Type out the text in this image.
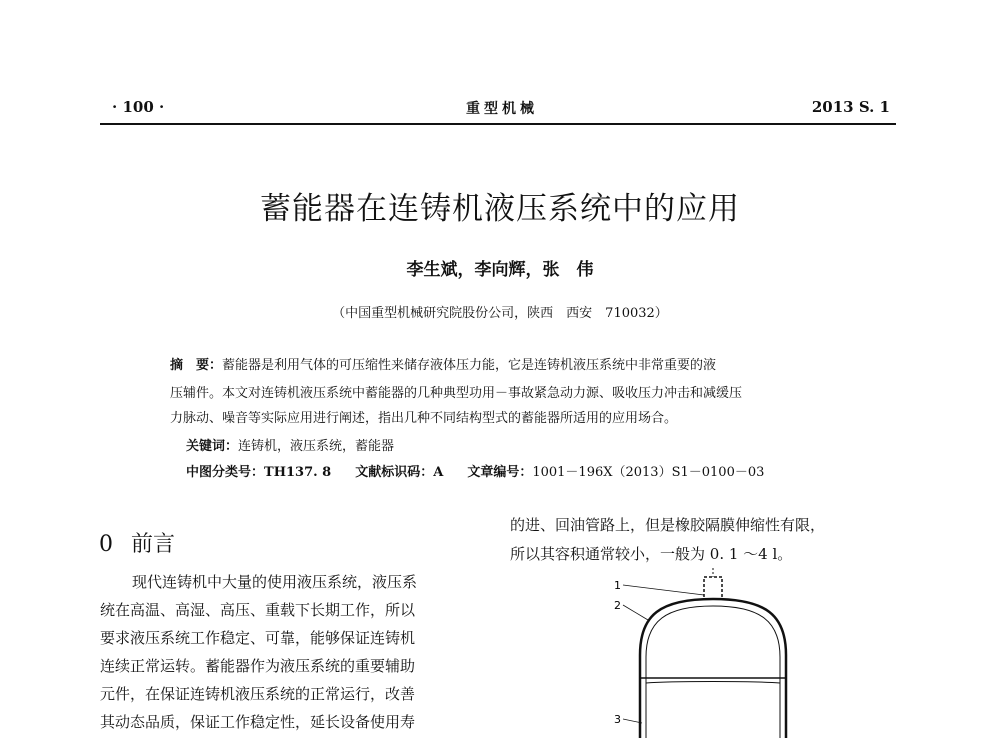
· 100 ·	重型机械	2013 S. 1
蓄能器在连铸机液压系统中的应用
李生斌，李向辉，张　伟
（中国重型机械研究院股份公司，陕西　西安　710032）
摘　要：蓄能器是利用气体的可压缩性来储存液体压力能，它是连铸机液压系统中非常重要的液
压辅件。本文对连铸机液压系统中蓄能器的几种典型功用－事故紧急动力源、吸收压力冲击和减缓压
力脉动、噪音等实际应用进行阐述，指出几种不同结构型式的蓄能器所适用的应用场合。
关键词：连铸机，液压系统，蓄能器
中图分类号：TH137. 8 文献标识码：A 文章编号：1001－196X（2013）S1－0100－03
0 前言
现代连铸机中大量的使用液压系统，液压系
统在高温、高湿、高压、重载下长期工作，所以
要求液压系统工作稳定、可靠，能够保证连铸机
连续正常运转。蓄能器作为液压系统的重要辅助
元件，在保证连铸机液压系统的正常运行，改善
其动态品质，保证工作稳定性，延长设备使用寿
的进、回油管路上，但是橡胶隔膜伸缩性有限，
所以其容积通常较小，一般为 0. 1 ～4 l。
1
2
3
